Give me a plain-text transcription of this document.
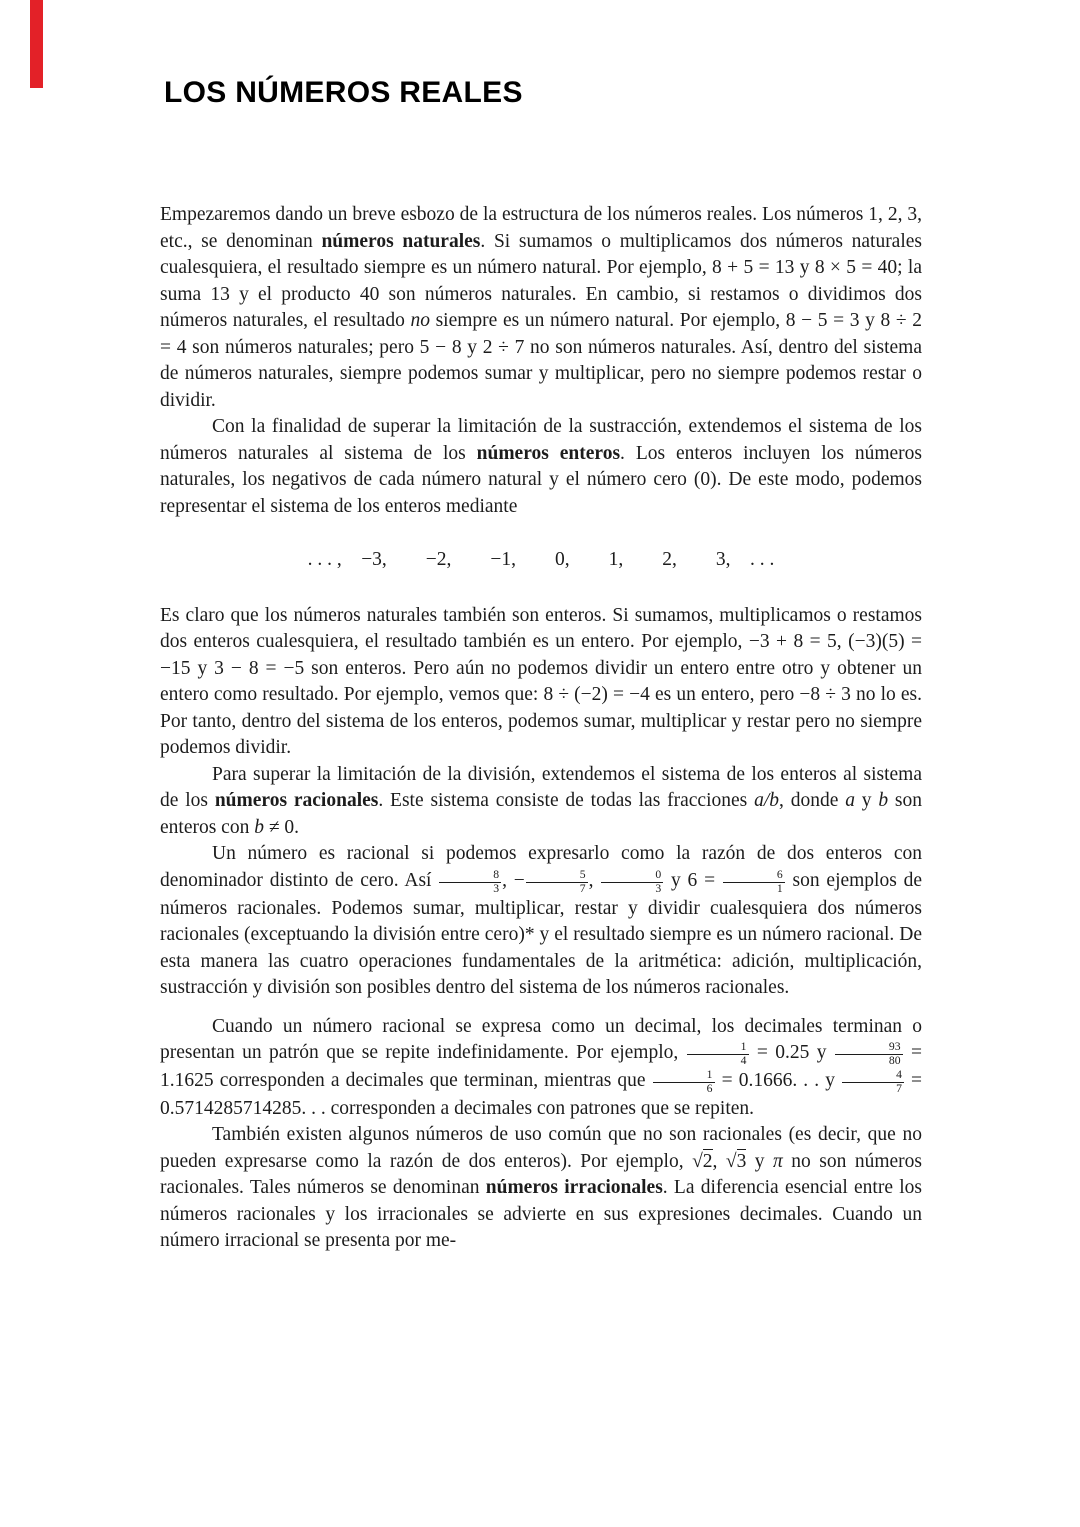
LOS NÚMEROS REALES

Empezaremos dando un breve esbozo de la estructura de los números reales. Los números 1, 2, 3, etc., se denominan números naturales. Si sumamos o multiplicamos dos números naturales cualesquiera, el resultado siempre es un número natural. Por ejemplo, 8 + 5 = 13 y 8 × 5 = 40; la suma 13 y el producto 40 son números naturales. En cambio, si restamos o dividimos dos números naturales, el resultado no siempre es un número natural. Por ejemplo, 8 − 5 = 3 y 8 ÷ 2 = 4 son números naturales; pero 5 − 8 y 2 ÷ 7 no son números naturales. Así, dentro del sistema de números naturales, siempre podemos sumar y multiplicar, pero no siempre podemos restar o dividir.

Con la finalidad de superar la limitación de la sustracción, extendemos el sistema de los números naturales al sistema de los números enteros. Los enteros incluyen los números naturales, los negativos de cada número natural y el número cero (0). De este modo, podemos representar el sistema de los enteros mediante

. . . , −3,  −2,  −1,  0,  1,  2,  3, . . .

Es claro que los números naturales también son enteros. Si sumamos, multiplicamos o restamos dos enteros cualesquiera, el resultado también es un entero. Por ejemplo, −3 + 8 = 5, (−3)(5) = −15 y 3 − 8 = −5 son enteros. Pero aún no podemos dividir un entero entre otro y obtener un entero como resultado. Por ejemplo, vemos que: 8 ÷ (−2) = −4 es un entero, pero −8 ÷ 3 no lo es. Por tanto, dentro del sistema de los enteros, podemos sumar, multiplicar y restar pero no siempre podemos dividir.

Para superar la limitación de la división, extendemos el sistema de los enteros al sistema de los números racionales. Este sistema consiste de todas las fracciones a/b, donde a y b son enteros con b ≠ 0.

Un número es racional si podemos expresarlo como la razón de dos enteros con denominador distinto de cero. Así $\frac{8}{3}$ , − $\frac{5}{7}$ , $\frac{0}{3}$ y $6 = \frac{6}{1}$ son ejemplos de números racionales. Podemos sumar, multiplicar, restar y dividir cualesquiera dos números racionales (exceptuando la división entre cero)* y el resultado siempre es un número racional. De esta manera las cuatro operaciones fundamentales de la aritmética: adición, multiplicación, sustracción y división son posibles dentro del sistema de los números racionales.

Cuando un número racional se expresa como un decimal, los decimales terminan o presentan un patrón que se repite indefinidamente. Por ejemplo, $\frac{1}{4} = 0.25$ y $\frac{93}{80} = 1.1625$ corresponden a decimales que terminan, mientras que $\frac{1}{6} = 0.1666$. . . y $\frac{4}{7} = 0.5714285714285$. . . corresponden a decimales con patrones que se repiten.

También existen algunos números de uso común que no son racionales (es decir, que no pueden expresarse como la razón de dos enteros). Por ejemplo, √2, √3 y π no son números racionales. Tales números se denominan números irracionales. La diferencia esencial entre los números racionales y los irracionales se advierte en sus expresiones decimales. Cuando un número irracional se presenta por me-
